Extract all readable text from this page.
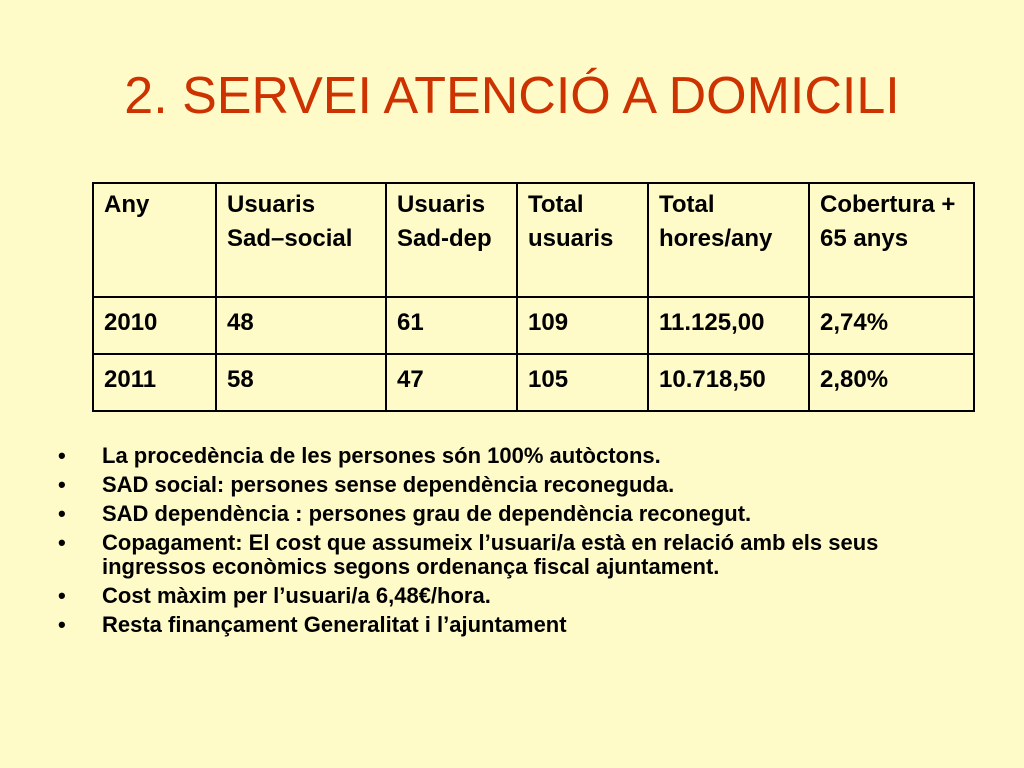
2. SERVEI ATENCIÓ A DOMICILI
Any	Usuaris Sad–social	Usuaris Sad-dep	Total usuaris	Total hores/any	Cobertura + 65 anys
2010	48	61	109	11.125,00	2,74%
2011	58	47	105	10.718,50	2,80%
•	La procedència de les persones són 100% autòctons.
•	SAD social: persones sense dependència reconeguda.
•	SAD dependència : persones grau de dependència reconegut.
•	Copagament: El cost que assumeix l’usuari/a està en relació amb els seus ingressos econòmics segons ordenança fiscal ajuntament.
•	Cost màxim per l’usuari/a 6,48€/hora.
•	Resta finançament Generalitat i l’ajuntament
